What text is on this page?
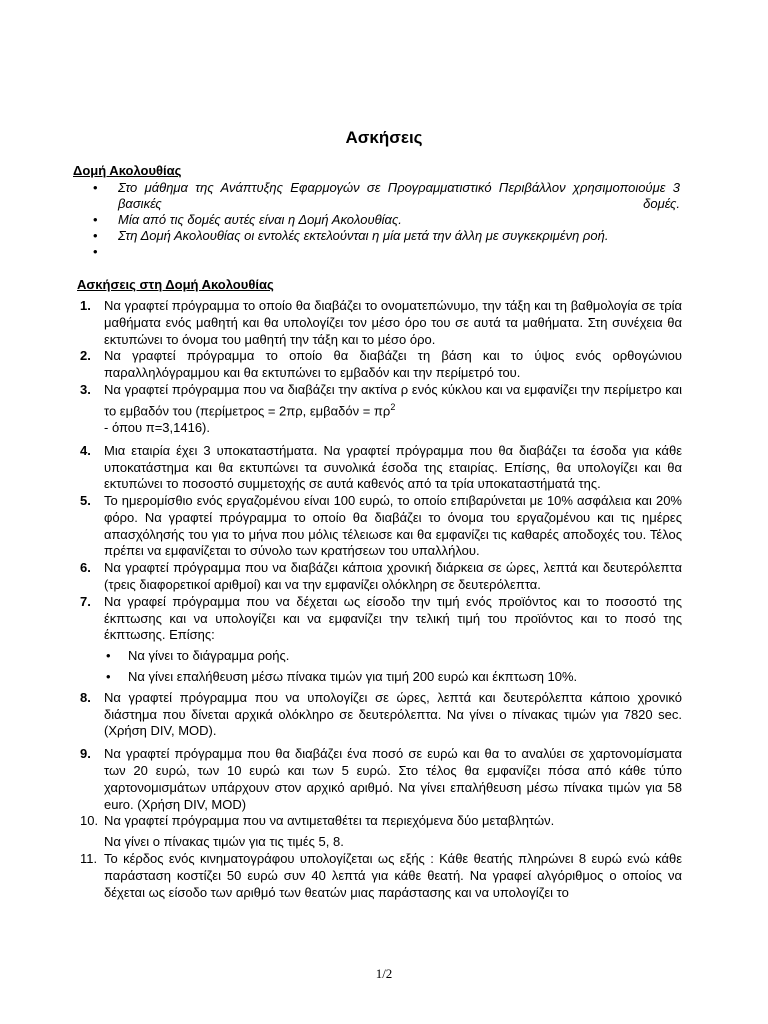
Ασκήσεις
Δομή Ακολουθίας
• Στο μάθημα της Ανάπτυξης Εφαρμογών σε Προγραμματιστικό Περιβάλλον χρησιμοποιούμε 3 βασικές δομές.
• Μία από τις δομές αυτές είναι η Δομή Ακολουθίας.
• Στη Δομή Ακολουθίας οι εντολές εκτελούνται η μία μετά την άλλη με συγκεκριμένη ροή.
•
Ασκήσεις στη Δομή Ακολουθίας
1. Να γραφτεί πρόγραμμα το οποίο θα διαβάζει το ονοματεπώνυμο, την τάξη και τη βαθμολογία σε τρία μαθήματα ενός μαθητή και θα υπολογίζει τον μέσο όρο του σε αυτά τα μαθήματα. Στη συνέχεια θα εκτυπώνει το όνομα του μαθητή την τάξη και το μέσο όρο.

2. Να γραφτεί πρόγραμμα το οποίο θα διαβάζει τη βάση και το ύψος ενός ορθογώνιου παραλληλόγραμμου και θα εκτυπώνει το εμβαδόν και την περίμετρό του.

3. Να γραφτεί πρόγραμμα που να διαβάζει την ακτίνα ρ ενός κύκλου και να εμφανίζει την περίμετρο και το εμβαδόν του (περίμετρος = 2πρ, $\varepsilon\mu\beta\alpha\delta ό\nu = \pi\rho^2$

- όπου π=3,1416).

4. Μια εταιρία έχει 3 υποκαταστήματα. Να γραφτεί πρόγραμμα που θα διαβάζει τα έσοδα για κάθε υποκατάστημα και θα εκτυπώνει τα συνολικά έσοδα της εταιρίας. Επίσης, θα υπολογίζει και θα εκτυπώνει το ποσοστό συμμετοχής σε αυτά καθενός από τα τρία υποκαταστήματά της.

5. Το ημερομίσθιο ενός εργαζομένου είναι 100 ευρώ, το οποίο επιβαρύνεται με 10% ασφάλεια και 20% φόρο. Να γραφτεί πρόγραμμα το οποίο θα διαβάζει το όνομα του εργαζομένου και τις ημέρες απασχόλησής του για το μήνα που μόλις τέλειωσε και θα εμφανίζει τις καθαρές αποδοχές του. Τέλος πρέπει να εμφανίζεται το σύνολο των κρατήσεων του υπαλλήλου.

6. Να γραφτεί πρόγραμμα που να διαβάζει κάποια χρονική διάρκεια σε ώρες, λεπτά και δευτερόλεπτα (τρεις διαφορετικοί αριθμοί) και να την εμφανίζει ολόκληρη σε δευτερόλεπτα.

7. Να γραφεί πρόγραμμα που να δέχεται ως είσοδο την τιμή ενός προϊόντος και το ποσοστό της έκπτωσης και να υπολογίζει και να εμφανίζει την τελική τιμή του προϊόντος και το ποσό της έκπτωσης. Επίσης:

• Να γίνει το διάγραμμα ροής.
• Να γίνει επαλήθευση μέσω πίνακα τιμών για τιμή 200 ευρώ και έκπτωση 10%.
8. Να γραφτεί πρόγραμμα που να υπολογίζει σε ώρες, λεπτά και δευτερόλεπτα κάποιο χρονικό διάστημα που δίνεται αρχικά ολόκληρο σε δευτερόλεπτα. Να γίνει ο πίνακας τιμών για 7820 sec. (Χρήση DIV, MOD).

9. Να γραφτεί πρόγραμμα που θα διαβάζει ένα ποσό σε ευρώ και θα το αναλύει σε χαρτονομίσματα των 20 ευρώ, των 10 ευρώ και των 5 ευρώ. Στο τέλος θα εμφανίζει πόσα από κάθε τύπο χαρτονομισμάτων υπάρχουν στον αρχικό αριθμό. Να γίνει επαλήθευση μέσω πίνακα τιμών για 58 euro. (Χρήση DIV, MOD)

10. Να γραφτεί πρόγραμμα που να αντιμεταθέτει τα περιεχόμενα δύο μεταβλητών.

Να γίνει ο πίνακας τιμών για τις τιμές 5, 8.

11. Το κέρδος ενός κινηματογράφου υπολογίζεται ως εξής : Κάθε θεατής πληρώνει 8 ευρώ ενώ κάθε παράσταση κοστίζει 50 ευρώ συν 40 λεπτά για κάθε θεατή. Να γραφεί αλγόριθμος ο οποίος να δέχεται ως είσοδο των αριθμό των θεατών μιας παράστασης και να υπολογίζει το

1/2
